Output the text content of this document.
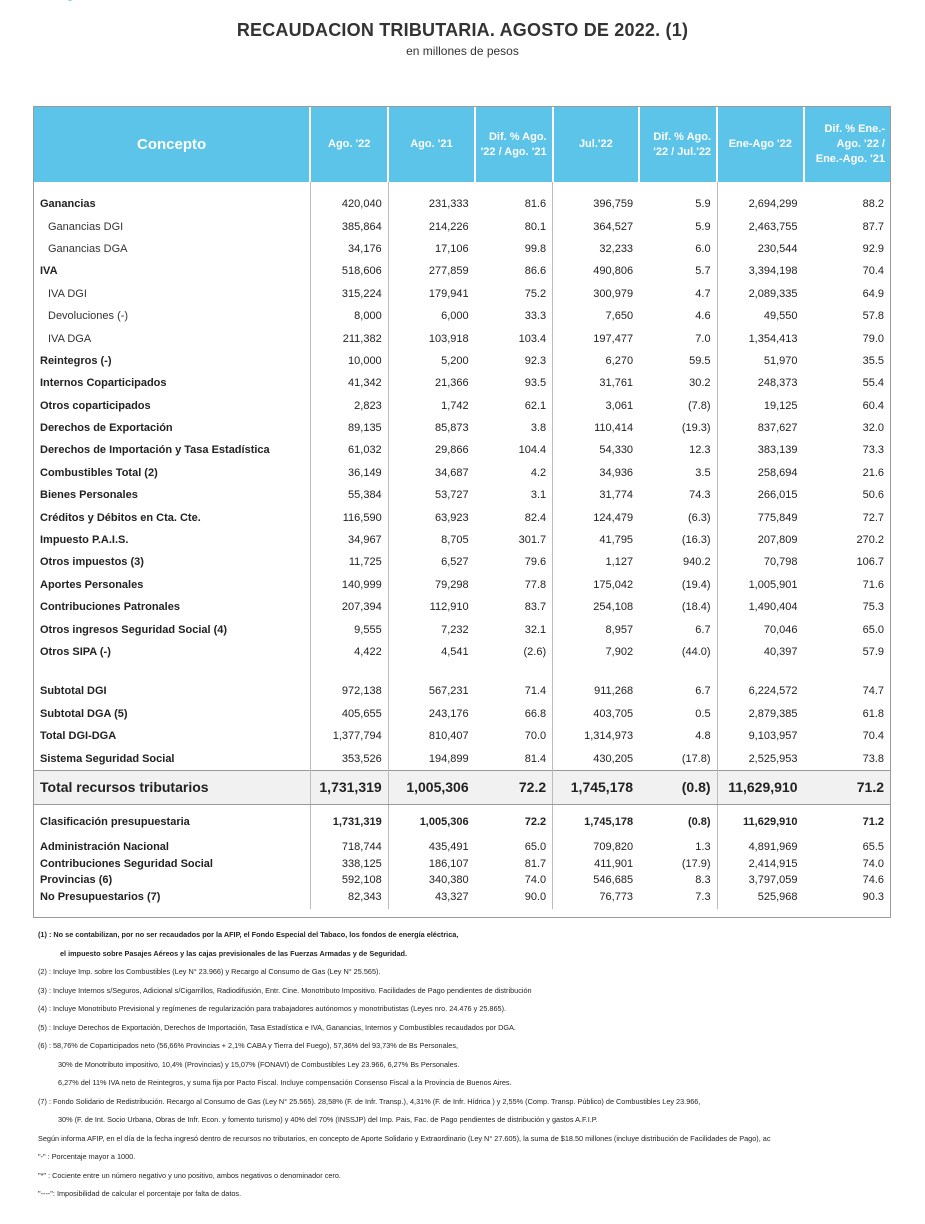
RECAUDACION TRIBUTARIA. AGOSTO DE 2022. (1)
en millones de pesos
Concepto	Ago. '22	Ago. '21	Dif. % Ago. '22 / Ago. '21	Jul.'22	Dif. % Ago. '22 / Jul.'22	Ene-Ago '22	Dif. % Ene.-Ago. '22 / Ene.-Ago. '21

Ganancias	420,040	231,333	81.6	396,759	5.9	2,694,299	88.2
Ganancias DGI	385,864	214,226	80.1	364,527	5.9	2,463,755	87.7
Ganancias DGA	34,176	17,106	99.8	32,233	6.0	230,544	92.9
IVA	518,606	277,859	86.6	490,806	5.7	3,394,198	70.4
IVA DGI	315,224	179,941	75.2	300,979	4.7	2,089,335	64.9
Devoluciones (-)	8,000	6,000	33.3	7,650	4.6	49,550	57.8
IVA DGA	211,382	103,918	103.4	197,477	7.0	1,354,413	79.0
Reintegros (-)	10,000	5,200	92.3	6,270	59.5	51,970	35.5
Internos Coparticipados	41,342	21,366	93.5	31,761	30.2	248,373	55.4
Otros coparticipados	2,823	1,742	62.1	3,061	(7.8)	19,125	60.4
Derechos de Exportación	89,135	85,873	3.8	110,414	(19.3)	837,627	32.0
Derechos de Importación y Tasa Estadística	61,032	29,866	104.4	54,330	12.3	383,139	73.3
Combustibles Total (2)	36,149	34,687	4.2	34,936	3.5	258,694	21.6
Bienes Personales	55,384	53,727	3.1	31,774	74.3	266,015	50.6
Créditos y Débitos en Cta. Cte.	116,590	63,923	82.4	124,479	(6.3)	775,849	72.7
Impuesto P.A.I.S.	34,967	8,705	301.7	41,795	(16.3)	207,809	270.2
Otros impuestos (3)	11,725	6,527	79.6	1,127	940.2	70,798	106.7
Aportes Personales	140,999	79,298	77.8	175,042	(19.4)	1,005,901	71.6
Contribuciones Patronales	207,394	112,910	83.7	254,108	(18.4)	1,490,404	75.3
Otros ingresos Seguridad Social (4)	9,555	7,232	32.1	8,957	6.7	70,046	65.0
Otros SIPA (-)	4,422	4,541	(2.6)	7,902	(44.0)	40,397	57.9

Subtotal DGI	972,138	567,231	71.4	911,268	6.7	6,224,572	74.7
Subtotal DGA (5)	405,655	243,176	66.8	403,705	0.5	2,879,385	61.8
Total DGI-DGA	1,377,794	810,407	70.0	1,314,973	4.8	9,103,957	70.4
Sistema Seguridad Social	353,526	194,899	81.4	430,205	(17.8)	2,525,953	73.8
Total recursos tributarios	1,731,319	1,005,306	72.2	1,745,178	(0.8)	11,629,910	71.2
Clasificación presupuestaria	1,731,319	1,005,306	72.2	1,745,178	(0.8)	11,629,910	71.2
Administración Nacional	718,744	435,491	65.0	709,820	1.3	4,891,969	65.5
Contribuciones Seguridad Social	338,125	186,107	81.7	411,901	(17.9)	2,414,915	74.0
Provincias (6)	592,108	340,380	74.0	546,685	8.3	3,797,059	74.6
No Presupuestarios (7)	82,343	43,327	90.0	76,773	7.3	525,968	90.3

(1) : No se contabilizan, por no ser recaudados por la AFIP, el Fondo Especial del Tabaco, los fondos de energía eléctrica,
el impuesto sobre Pasajes Aéreos y las cajas previsionales de las Fuerzas Armadas y de Seguridad.
(2) : Incluye Imp. sobre los Combustibles (Ley N° 23.966) y Recargo al Consumo de Gas (Ley N° 25.565).
(3) : Incluye Internos s/Seguros, Adicional s/Cigarrillos, Radiodifusión, Entr. Cine. Monotributo Impositivo. Facilidades de Pago pendientes de distribución
(4) : Incluye Monotributo Previsional y regímenes de regularización para trabajadores autónomos y monotributistas (Leyes nro. 24.476 y 25.865).
(5) : Incluye Derechos de Exportación, Derechos de Importación, Tasa Estadística e IVA, Ganancias, Internos y Combustibles recaudados por DGA.
(6) : 58,76% de Coparticipados neto (56,66% Provincias + 2,1% CABA y Tierra del Fuego), 57,36% del 93,73% de Bs Personales,
30% de Monotributo impositivo, 10,4% (Provincias) y 15,07% (FONAVI) de Combustibles Ley 23.966, 6,27% Bs Personales.
6,27% del 11% IVA neto de Reintegros, y suma fija por Pacto Fiscal. Incluye compensación Consenso Fiscal a la Provincia de Buenos Aires.
(7) : Fondo Solidario de Redistribución. Recargo al Consumo de Gas (Ley N° 25.565). 28,58% (F. de Infr. Transp.), 4,31% (F. de Infr. Hídrica ) y 2,55% (Comp. Transp. Público) de Combustibles Ley 23.966,
30% (F. de Int. Socio Urbana, Obras de Infr. Econ. y fomento turismo) y 40% del 70% (INSSJP) del Imp. Pais, Fac. de Pago pendientes de distribución y gastos A.F.I.P.
Según informa AFIP, en el día de la fecha ingresó dentro de recursos no tributarios, en concepto de Aporte Solidario y Extraordinario (Ley N° 27.605), la suma de $18.50 millones (incluye distribución de Facilidades de Pago), ac
"-" : Porcentaje mayor a 1000.
"*" : Cociente entre un número negativo y uno positivo, ambos negativos o denominador cero.
"----": Imposibilidad de calcular el porcentaje por falta de datos.
